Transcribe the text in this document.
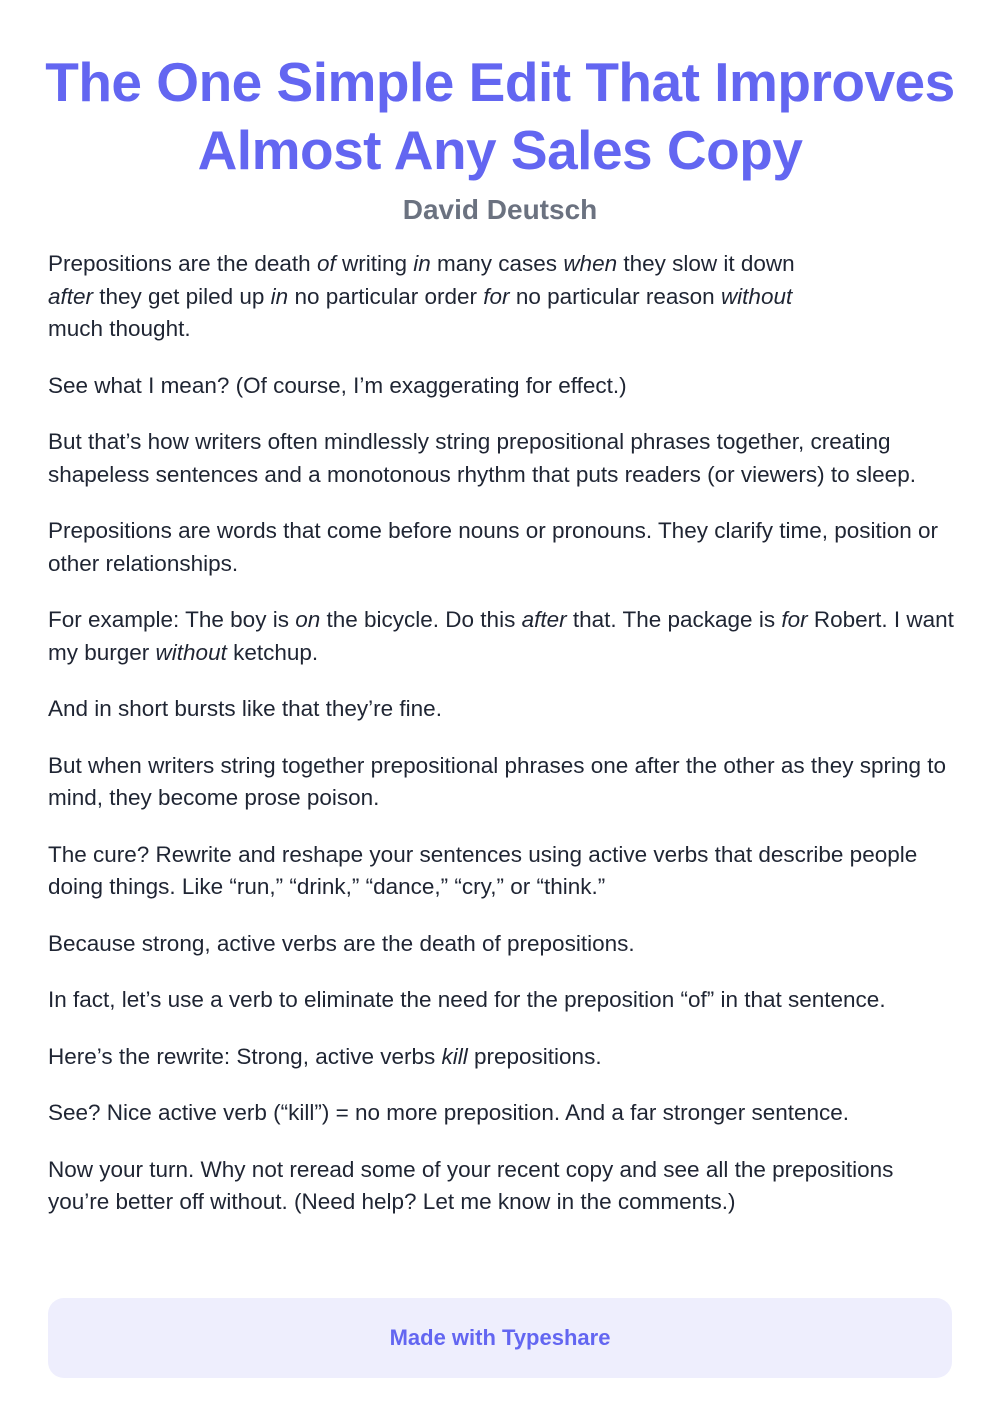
The One Simple Edit That Improves Almost Any Sales Copy
David Deutsch

Prepositions are the death of writing in many cases when they slow it down after they get piled up in no particular order for no particular reason without much thought.

See what I mean? (Of course, I’m exaggerating for effect.)

But that’s how writers often mindlessly string prepositional phrases together, creating shapeless sentences and a monotonous rhythm that puts readers (or viewers) to sleep.

Prepositions are words that come before nouns or pronouns. They clarify time, position or other relationships.

For example: The boy is on the bicycle. Do this after that. The package is for Robert. I want my burger without ketchup.

And in short bursts like that they’re fine.

But when writers string together prepositional phrases one after the other as they spring to mind, they become prose poison.

The cure? Rewrite and reshape your sentences using active verbs that describe people doing things. Like “run,” “drink,” “dance,” “cry,” or “think.”

Because strong, active verbs are the death of prepositions.

In fact, let’s use a verb to eliminate the need for the preposition “of” in that sentence.

Here’s the rewrite: Strong, active verbs kill prepositions.

See? Nice active verb (“kill”) = no more preposition. And a far stronger sentence.

Now your turn. Why not reread some of your recent copy and see all the prepositions you’re better off without. (Need help? Let me know in the comments.)

Made with Typeshare
